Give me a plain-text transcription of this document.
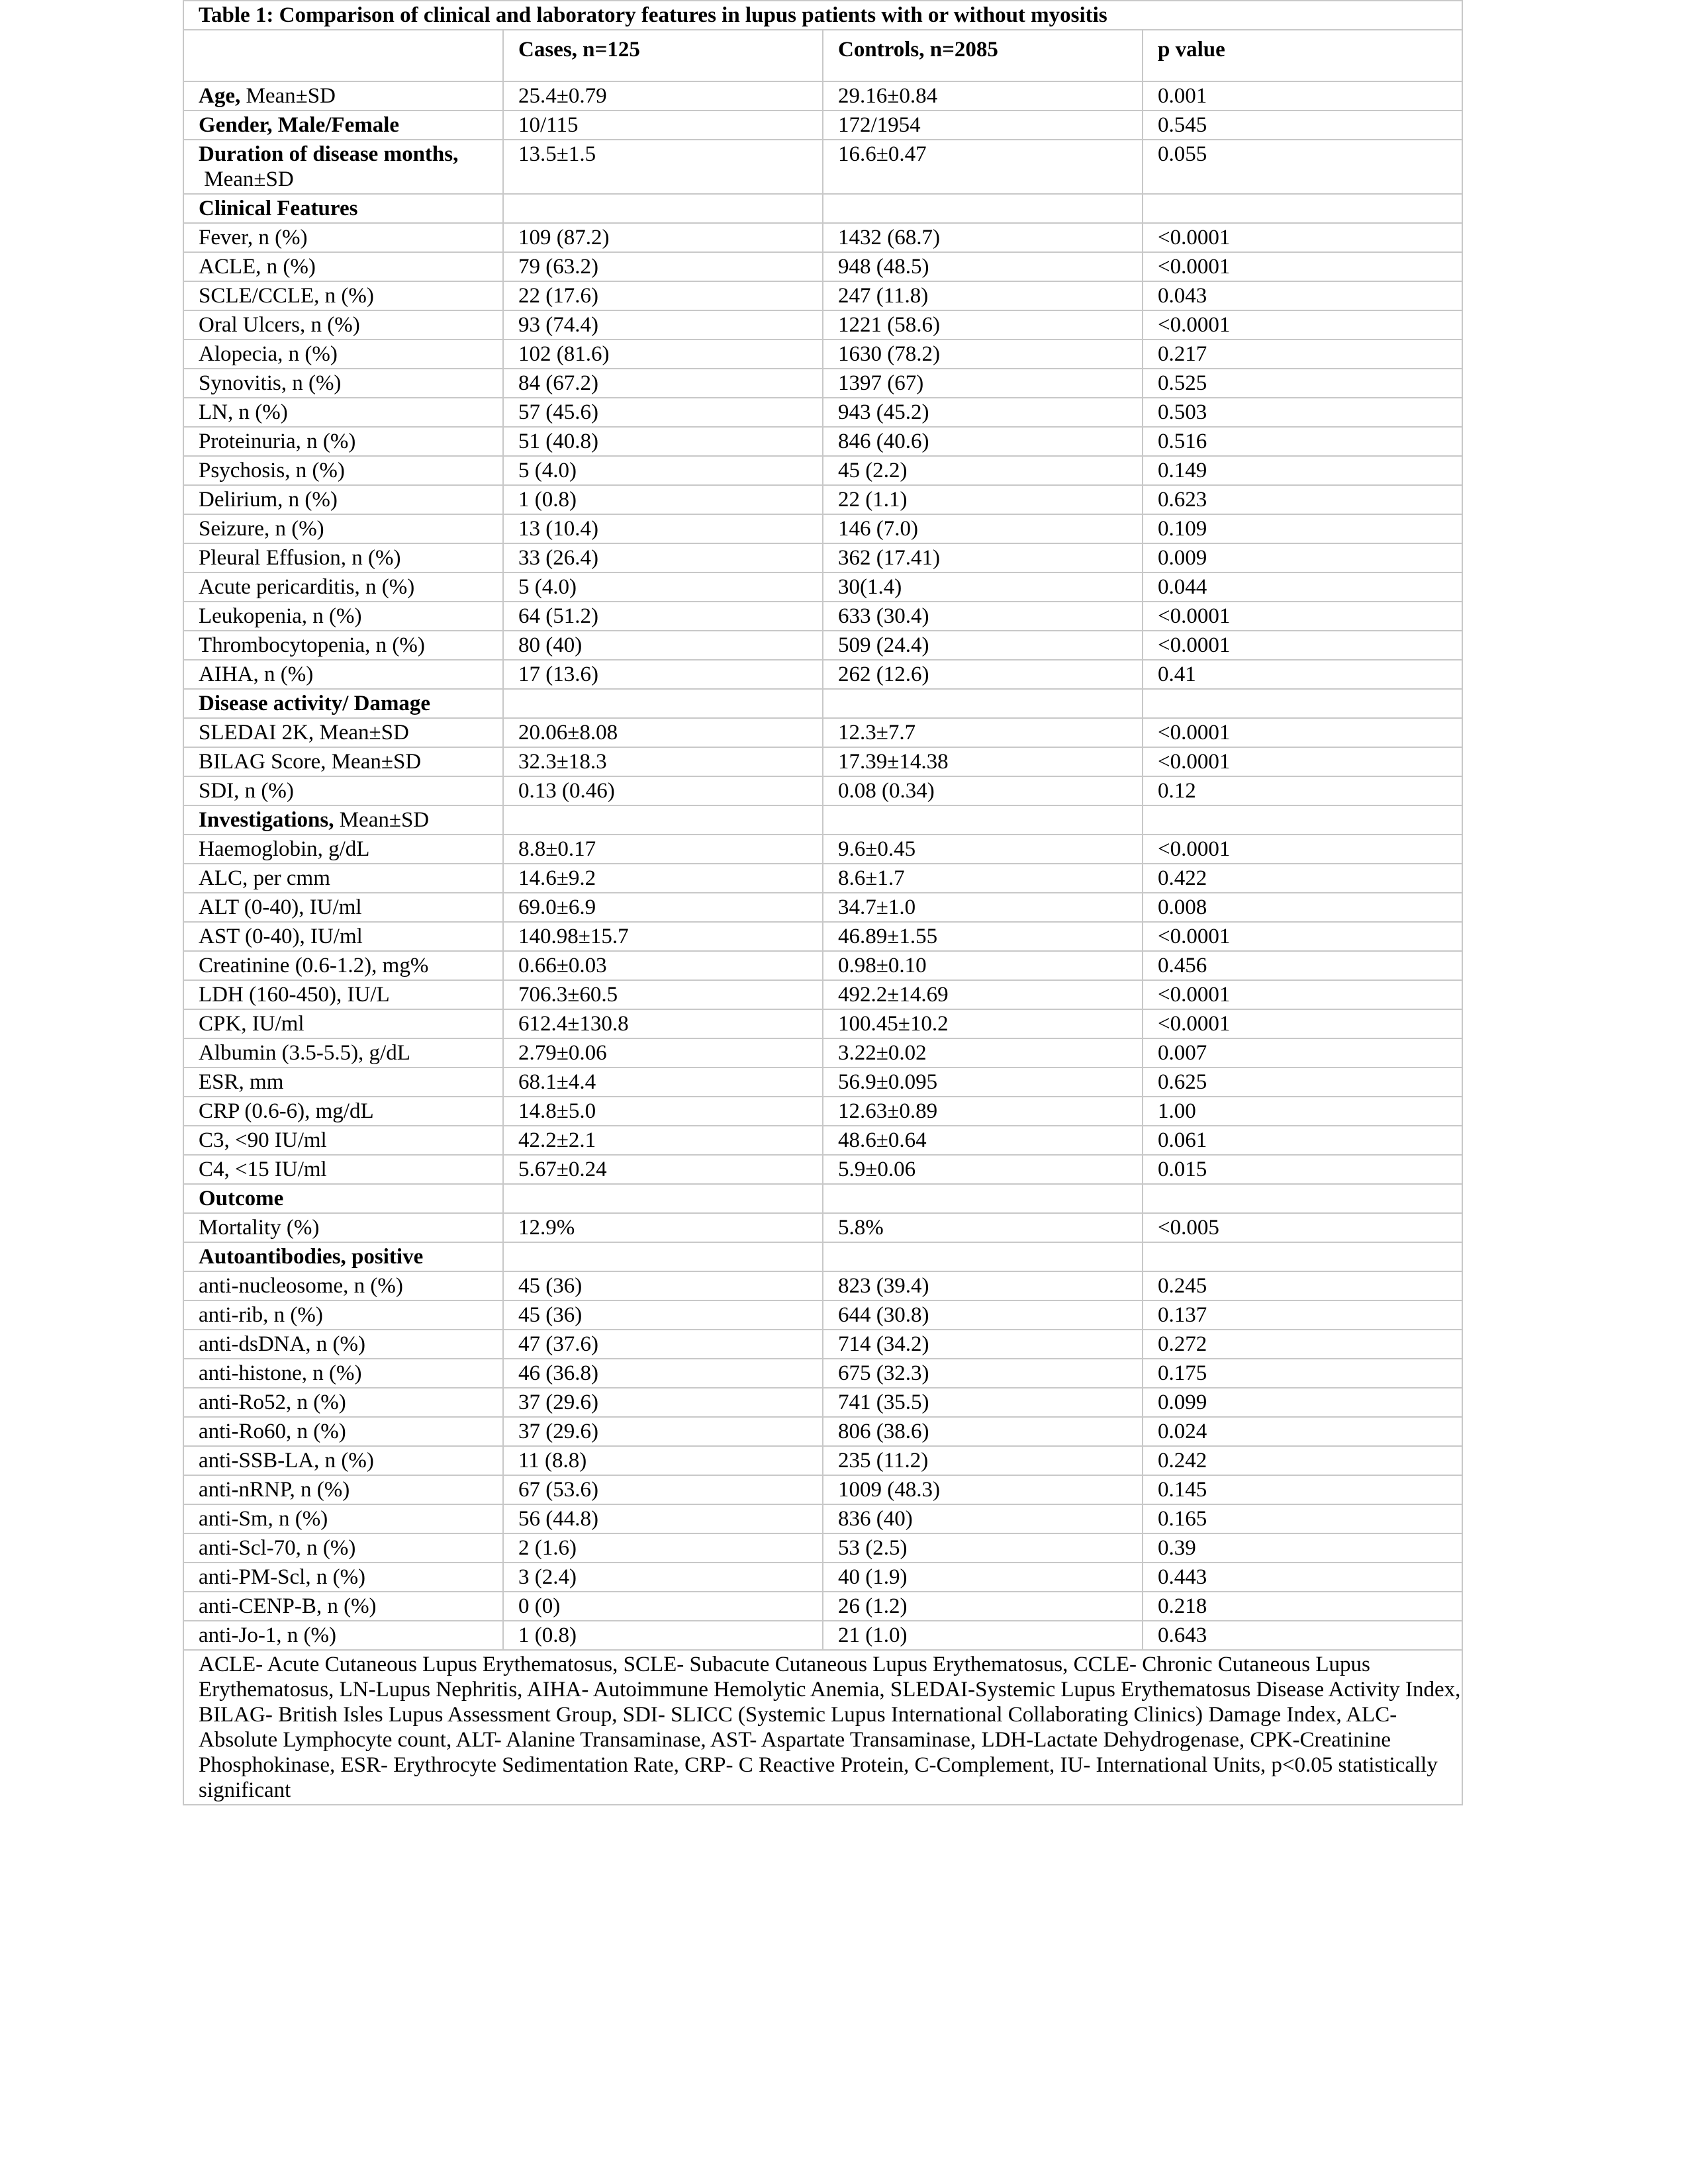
Table 1: Comparison of clinical and laboratory features in lupus patients with or without myositis			
	Cases, n=125	Controls, n=2085	p value
Age, Mean±SD	25.4±0.79	29.16±0.84	0.001
Gender, Male/Female	10/115	172/1954	0.545
Duration of disease months, Mean±SD	13.5±1.5	16.6±0.47	0.055
Clinical Features			
Fever, n (%)	109 (87.2)	1432 (68.7)	<0.0001
ACLE, n (%)	79 (63.2)	948 (48.5)	<0.0001
SCLE/CCLE, n (%)	22 (17.6)	247 (11.8)	0.043
Oral Ulcers, n (%)	93 (74.4)	1221 (58.6)	<0.0001
Alopecia, n (%)	102 (81.6)	1630 (78.2)	0.217
Synovitis, n (%)	84 (67.2)	1397 (67)	0.525
LN, n (%)	57 (45.6)	943 (45.2)	0.503
Proteinuria, n (%)	51 (40.8)	846 (40.6)	0.516
Psychosis, n (%)	5 (4.0)	45 (2.2)	0.149
Delirium, n (%)	1 (0.8)	22 (1.1)	0.623
Seizure, n (%)	13 (10.4)	146 (7.0)	0.109
Pleural Effusion, n (%)	33 (26.4)	362 (17.41)	0.009
Acute pericarditis, n (%)	5 (4.0)	30(1.4)	0.044
Leukopenia, n (%)	64 (51.2)	633 (30.4)	<0.0001
Thrombocytopenia, n (%)	80 (40)	509 (24.4)	<0.0001
AIHA, n (%)	17 (13.6)	262 (12.6)	0.41
Disease activity/ Damage			
SLEDAI 2K, Mean±SD	20.06±8.08	12.3±7.7	<0.0001
BILAG Score, Mean±SD	32.3±18.3	17.39±14.38	<0.0001
SDI, n (%)	0.13 (0.46)	0.08 (0.34)	0.12
Investigations, Mean±SD			
Haemoglobin, g/dL	8.8±0.17	9.6±0.45	<0.0001
ALC, per cmm	14.6±9.2	8.6±1.7	0.422
ALT (0-40), IU/ml	69.0±6.9	34.7±1.0	0.008
AST (0-40), IU/ml	140.98±15.7	46.89±1.55	<0.0001
Creatinine (0.6-1.2), mg%	0.66±0.03	0.98±0.10	0.456
LDH (160-450), IU/L	706.3±60.5	492.2±14.69	<0.0001
CPK, IU/ml	612.4±130.8	100.45±10.2	<0.0001
Albumin (3.5-5.5), g/dL	2.79±0.06	3.22±0.02	0.007
ESR, mm	68.1±4.4	56.9±0.095	0.625
CRP (0.6-6), mg/dL	14.8±5.0	12.63±0.89	1.00
C3, <90 IU/ml	42.2±2.1	48.6±0.64	0.061
C4, <15 IU/ml	5.67±0.24	5.9±0.06	0.015
Outcome			
Mortality (%)	12.9%	5.8%	<0.005
Autoantibodies, positive			
anti-nucleosome, n (%)	45 (36)	823 (39.4)	0.245
anti-rib, n (%)	45 (36)	644 (30.8)	0.137
anti-dsDNA, n (%)	47 (37.6)	714 (34.2)	0.272
anti-histone, n (%)	46 (36.8)	675 (32.3)	0.175
anti-Ro52, n (%)	37 (29.6)	741 (35.5)	0.099
anti-Ro60, n (%)	37 (29.6)	806 (38.6)	0.024
anti-SSB-LA, n (%)	11 (8.8)	235 (11.2)	0.242
anti-nRNP, n (%)	67 (53.6)	1009 (48.3)	0.145
anti-Sm, n (%)	56 (44.8)	836 (40)	0.165
anti-Scl-70, n (%)	2 (1.6)	53 (2.5)	0.39
anti-PM-Scl, n (%)	3 (2.4)	40 (1.9)	0.443
anti-CENP-B, n (%)	0 (0)	26 (1.2)	0.218
anti-Jo-1, n (%)	1 (0.8)	21 (1.0)	0.643
ACLE- Acute Cutaneous Lupus Erythematosus, SCLE- Subacute Cutaneous Lupus Erythematosus, CCLE- Chronic Cutaneous Lupus Erythematosus, LN-Lupus Nephritis, AIHA- Autoimmune Hemolytic Anemia, SLEDAI-Systemic Lupus Erythematosus Disease Activity Index, BILAG- British Isles Lupus Assessment Group, SDI- SLICC (Systemic Lupus International Collaborating Clinics) Damage Index, ALC- Absolute Lymphocyte count, ALT- Alanine Transaminase, AST- Aspartate Transaminase, LDH-Lactate Dehydrogenase, CPK-Creatinine Phosphokinase, ESR- Erythrocyte Sedimentation Rate, CRP- C Reactive Protein, C-Complement, IU- International Units, p<0.05 statistically significant			
